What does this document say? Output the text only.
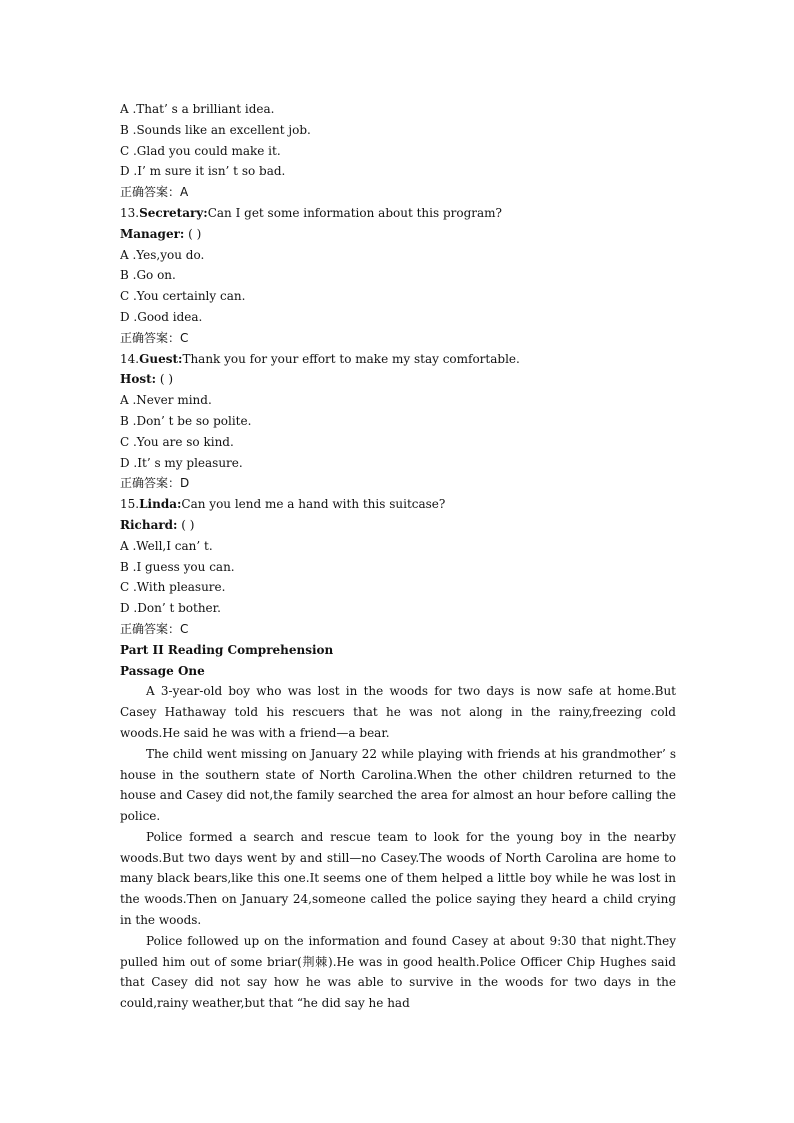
A .That’ s a brilliant idea.
B .Sounds like an excellent job.
C .Glad you could make it.
D .I’ m sure it isn’ t so bad.
正确答案：A
13.Secretary:Can I get some information about this program?
Manager: ( )
A .Yes,you do.
B .Go on.
C .You certainly can.
D .Good idea.
正确答案：C
14.Guest:Thank you for your effort to make my stay comfortable.
Host: ( )
A .Never mind.
B .Don’ t be so polite.
C .You are so kind.
D .It’ s my pleasure.
正确答案：D
15.Linda:Can you lend me a hand with this suitcase?
Richard: ( )
A .Well,I can’ t.
B .I guess you can.
C .With pleasure.
D .Don’ t bother.
正确答案：C
Part II Reading Comprehension
Passage One

A 3-year-old boy who was lost in the woods for two days is now safe at home.But Casey Hathaway told his rescuers that he was not along in the rainy,freezing cold woods.He said he was with a friend—a bear.

The child went missing on January 22 while playing with friends at his grandmother’ s house in the southern state of North Carolina.When the other children returned to the house and Casey did not,the family searched the area for almost an hour before calling the police.

Police formed a search and rescue team to look for the young boy in the nearby woods.But two days went by and still—no Casey.The woods of North Carolina are home to many black bears,like this one.It seems one of them helped a little boy while he was lost in the woods.Then on January 24,someone called the police saying they heard a child crying in the woods.

Police followed up on the information and found Casey at about 9:30 that night.They pulled him out of some briar(荆棘).He was in good health.Police Officer Chip Hughes said that Casey did not say how he was able to survive in the woods for two days in the could,rainy weather,but that “he did say he had
